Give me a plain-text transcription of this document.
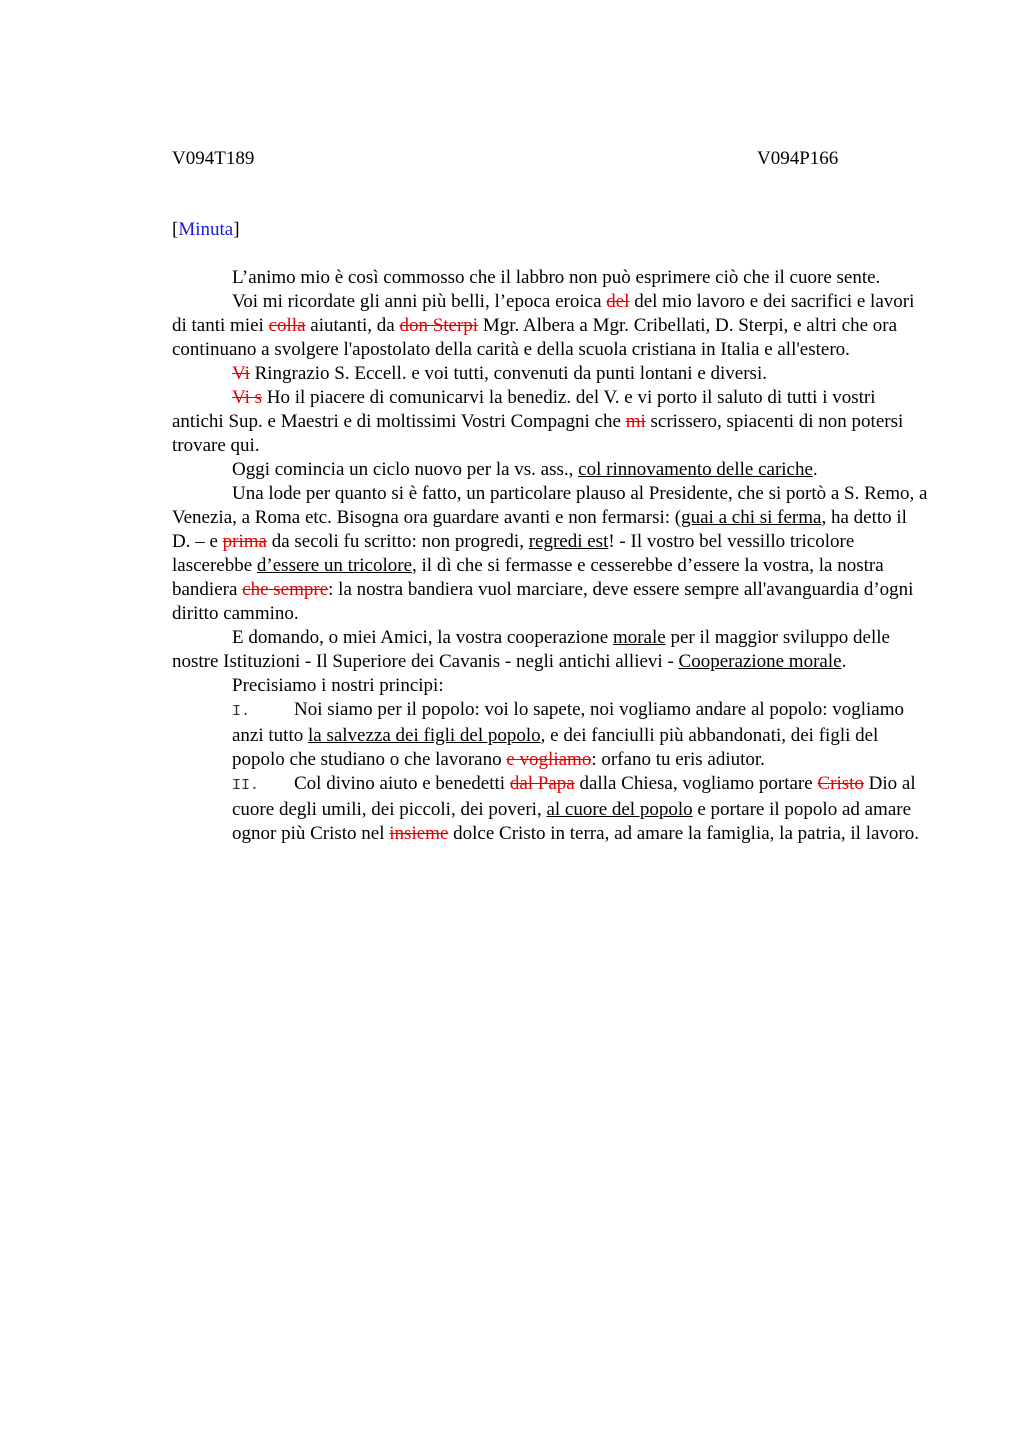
V094T189	V094P166
[Minuta]

L’animo mio è così commosso che il labbro non può esprimere ciò che il cuore sente.

Voi mi ricordate gli anni più belli, l’epoca eroica del del mio lavoro e dei sacrifici e lavori di tanti miei colla aiutanti, da don Sterpi Mgr. Albera a Mgr. Cribellati, D. Sterpi, e altri che ora continuano a svolgere l'apostolato della carità e della scuola cristiana in Italia e all'estero.

Vi Ringrazio S. Eccell. e voi tutti, convenuti da punti lontani e diversi.

Vi s Ho il piacere di comunicarvi la benediz. del V. e vi porto il saluto di tutti i vostri antichi Sup. e Maestri e di moltissimi Vostri Compagni che mi scrissero, spiacenti di non potersi trovare qui.

Oggi comincia un ciclo nuovo per la vs. ass., col rinnovamento delle cariche.

Una lode per quanto si è fatto, un particolare plauso al Presidente, che si portò a S. Remo, a Venezia, a Roma etc. Bisogna ora guardare avanti e non fermarsi: (guai a chi si ferma, ha detto il D. – e prima da secoli fu scritto: non progredi, regredi est! - Il vostro bel vessillo tricolore lascerebbe d’essere un tricolore, il dì che si fermasse e cesserebbe d’essere la vostra, la nostra bandiera che sempre: la nostra bandiera vuol marciare, deve essere sempre all'avanguardia d’ogni diritto cammino.

E domando, o miei Amici, la vostra cooperazione morale per il maggior sviluppo delle nostre Istituzioni - Il Superiore dei Cavanis - negli antichi allievi - Cooperazione morale.

Precisiamo i nostri principi:

I. Noi siamo per il popolo: voi lo sapete, noi vogliamo andare al popolo: vogliamo anzi tutto la salvezza dei figli del popolo, e dei fanciulli più abbandonati, dei figli del popolo che studiano o che lavorano e vogliamo: orfano tu eris adiutor.
II. Col divino aiuto e benedetti dal Papa dalla Chiesa, vogliamo portare Cristo Dio al cuore degli umili, dei piccoli, dei poveri, al cuore del popolo e portare il popolo ad amare ognor più Cristo nel insieme dolce Cristo in terra, ad amare la famiglia, la patria, il lavoro.
